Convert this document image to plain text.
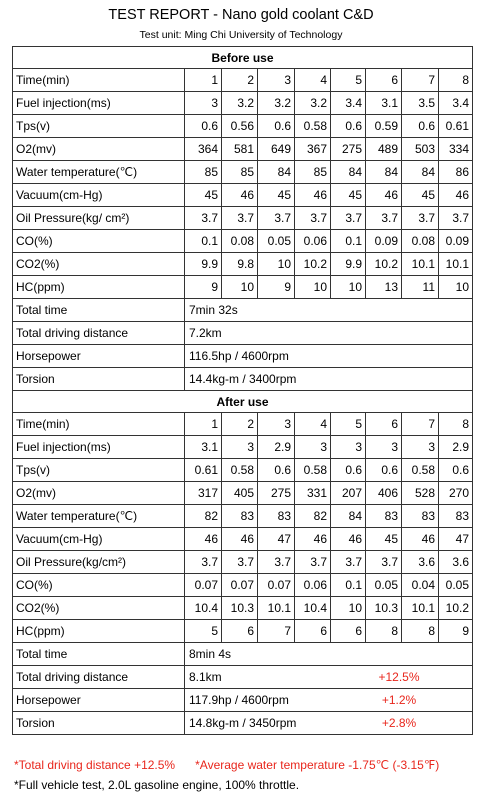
TEST REPORT - Nano gold coolant C&D
Test unit: Ming Chi University of Technology
Before use								
Time(min)	1	2	3	4	5	6	7	8
Fuel injection(ms)	3	3.2	3.2	3.2	3.4	3.1	3.5	3.4
Tps(v)	0.6	0.56	0.6	0.58	0.6	0.59	0.6	0.61
O2(mv)	364	581	649	367	275	489	503	334
Water temperature(℃)	85	85	84	85	84	84	84	86
Vacuum(cm-Hg)	45	46	45	46	45	46	45	46
Oil Pressure(kg/ cm²)	3.7	3.7	3.7	3.7	3.7	3.7	3.7	3.7
CO(%)	0.1	0.08	0.05	0.06	0.1	0.09	0.08	0.09
CO2(%)	9.9	9.8	10	10.2	9.9	10.2	10.1	10.1
HC(ppm)	9	10	9	10	10	13	11	10
Total time	7min 32s							
Total driving distance	7.2km							
Horsepower	116.5hp / 4600rpm							
Torsion	14.4kg-m / 3400rpm							
After use								
Time(min)	1	2	3	4	5	6	7	8
Fuel injection(ms)	3.1	3	2.9	3	3	3	3	2.9
Tps(v)	0.61	0.58	0.6	0.58	0.6	0.6	0.58	0.6
O2(mv)	317	405	275	331	207	406	528	270
Water temperature(℃)	82	83	83	82	84	83	83	83
Vacuum(cm-Hg)	46	46	47	46	46	45	46	47
Oil Pressure(kg/cm²)	3.7	3.7	3.7	3.7	3.7	3.7	3.6	3.6
CO(%)	0.07	0.07	0.07	0.06	0.1	0.05	0.04	0.05
CO2(%)	10.4	10.3	10.1	10.4	10	10.3	10.1	10.2
HC(ppm)	5	6	7	6	6	8	8	9
Total time	8min 4s							
Total driving distance	8.1km +12.5%							
Horsepower	117.9hp / 4600rpm +1.2%							
Torsion	14.8kg-m / 3450rpm +2.8%							
*Total driving distance +12.5% *Average water temperature -1.75℃ (-3.15℉)
*Full vehicle test, 2.0L gasoline engine, 100% throttle.
